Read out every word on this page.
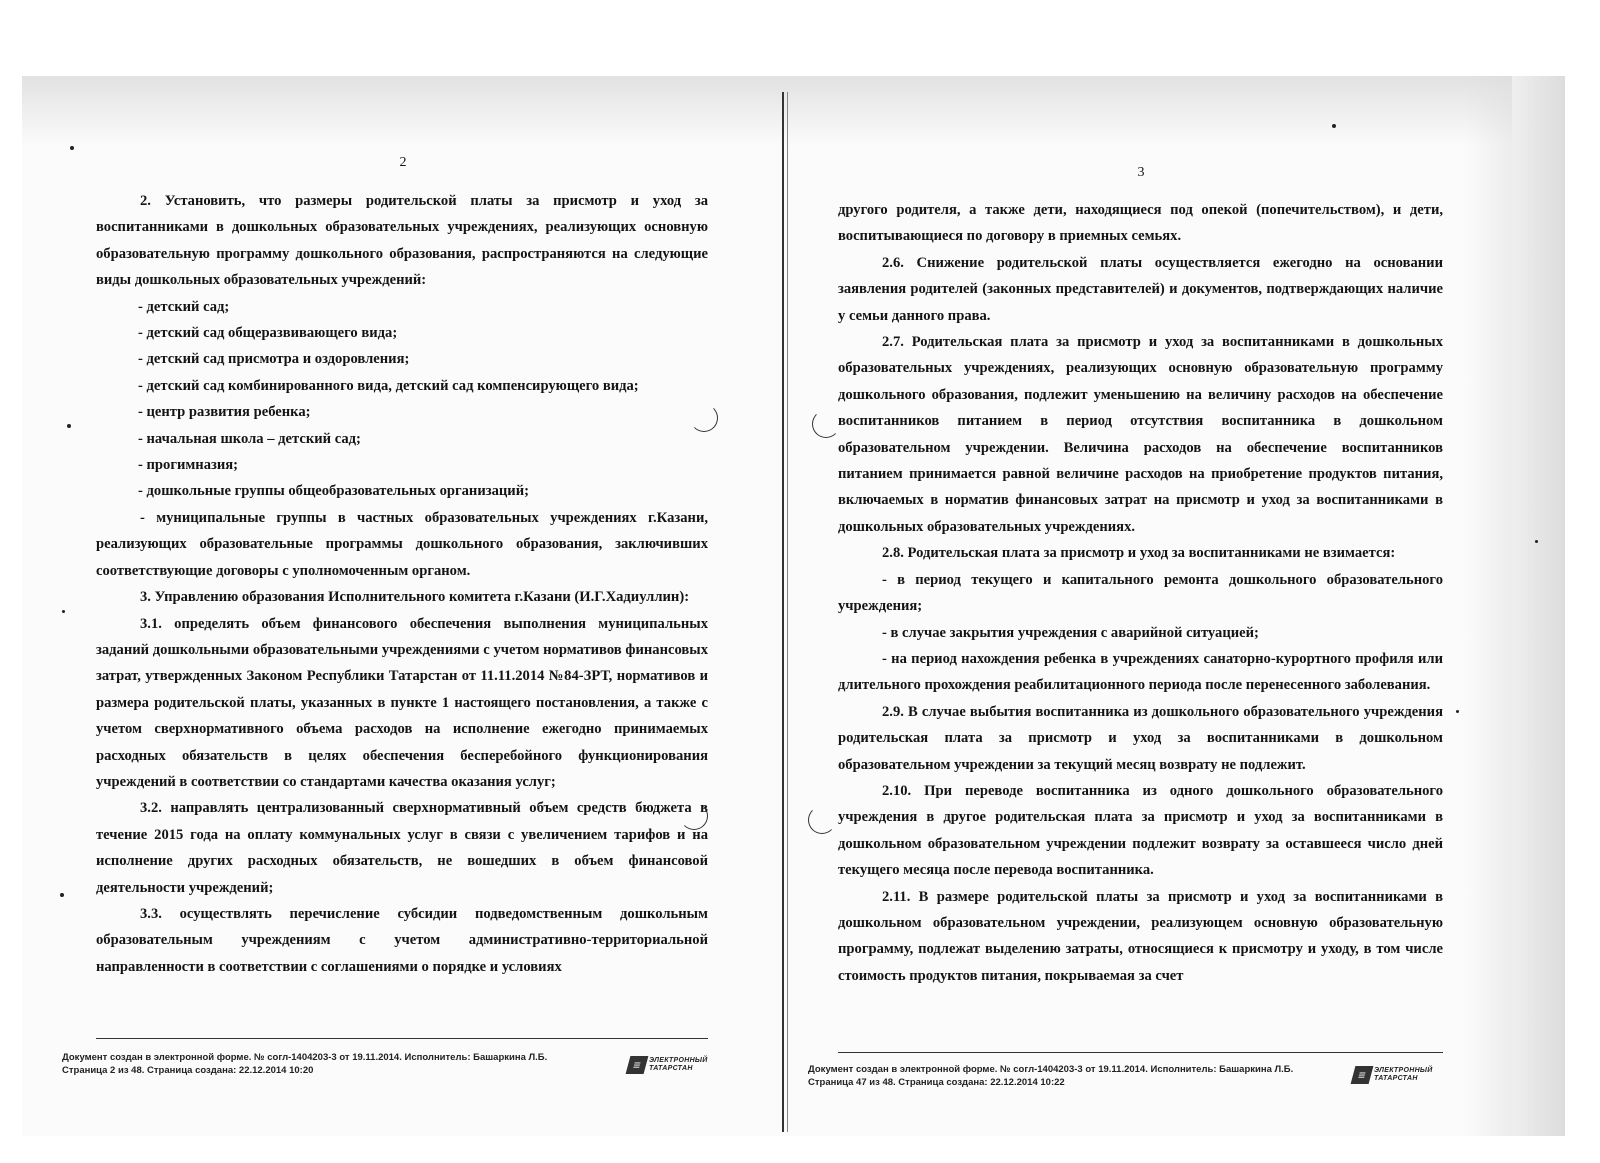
2

2. Установить, что размеры родительской платы за присмотр и уход за воспитанниками в дошкольных образовательных учреждениях, реализующих основную образовательную программу дошкольного образования, распространяются на следующие виды дошкольных образовательных учреждений:

- детский сад;

- детский сад общеразвивающего вида;

- детский сад присмотра и оздоровления;

- детский сад комбинированного вида, детский сад компенсирующего вида;

- центр развития ребенка;

- начальная школа – детский сад;

- прогимназия;

- дошкольные группы общеобразовательных организаций;

- муниципальные группы в частных образовательных учреждениях г.Казани, реализующих образовательные программы дошкольного образования, заключивших соответствующие договоры с уполномоченным органом.

3. Управлению образования Исполнительного комитета г.Казани (И.Г.Хадиуллин):

3.1. определять объем финансового обеспечения выполнения муниципальных заданий дошкольными образовательными учреждениями с учетом нормативов финансовых затрат, утвержденных Законом Республики Татарстан от 11.11.2014 №84-ЗРТ, нормативов и размера родительской платы, указанных в пункте 1 настоящего постановления, а также с учетом сверхнормативного объема расходов на исполнение ежегодно принимаемых расходных обязательств в целях обеспечения бесперебойного функционирования учреждений в соответствии со стандартами качества оказания услуг;

3.2. направлять централизованный сверхнормативный объем средств бюджета в течение 2015 года на оплату коммунальных услуг в связи с увеличением тарифов и на исполнение других расходных обязательств, не вошедших в объем финансовой деятельности учреждений;

3.3. осуществлять перечисление субсидии подведомственным дошкольным образовательным учреждениям с учетом административно-территориальной направленности в соответствии с соглашениями о порядке и условиях

Документ создан в электронной форме. № согл-1404203-3 от 19.11.2014. Исполнитель: Башаркина Л.Б.
Страница 2 из 48. Страница создана: 22.12.2014 10:20	≡ ЭЛЕКТРОННЫЙ
ТАТАРСТАН
3

другого родителя, а также дети, находящиеся под опекой (попечительством), и дети, воспитывающиеся по договору в приемных семьях.

2.6. Снижение родительской платы осуществляется ежегодно на основании заявления родителей (законных представителей) и документов, подтверждающих наличие у семьи данного права.

2.7. Родительская плата за присмотр и уход за воспитанниками в дошкольных образовательных учреждениях, реализующих основную образовательную программу дошкольного образования, подлежит уменьшению на величину расходов на обеспечение воспитанников питанием в период отсутствия воспитанника в дошкольном образовательном учреждении. Величина расходов на обеспечение воспитанников питанием принимается равной величине расходов на приобретение продуктов питания, включаемых в норматив финансовых затрат на присмотр и уход за воспитанниками в дошкольных образовательных учреждениях.

2.8. Родительская плата за присмотр и уход за воспитанниками не взимается:

- в период текущего и капитального ремонта дошкольного образовательного учреждения;

- в случае закрытия учреждения с аварийной ситуацией;

- на период нахождения ребенка в учреждениях санаторно-курортного профиля или длительного прохождения реабилитационного периода после перенесенного заболевания.

2.9. В случае выбытия воспитанника из дошкольного образовательного учреждения родительская плата за присмотр и уход за воспитанниками в дошкольном образовательном учреждении за текущий месяц возврату не подлежит.

2.10. При переводе воспитанника из одного дошкольного образовательного учреждения в другое родительская плата за присмотр и уход за воспитанниками в дошкольном образовательном учреждении подлежит возврату за оставшееся число дней текущего месяца после перевода воспитанника.

2.11. В размере родительской платы за присмотр и уход за воспитанниками в дошкольном образовательном учреждении, реализующем основную образовательную программу, подлежат выделению затраты, относящиеся к присмотру и уходу, в том числе стоимость продуктов питания, покрываемая за счет

Документ создан в электронной форме. № согл-1404203-3 от 19.11.2014. Исполнитель: Башаркина Л.Б.
Страница 47 из 48. Страница создана: 22.12.2014 10:22
≡ ЭЛЕКТРОННЫЙ
ТАТАРСТАН
